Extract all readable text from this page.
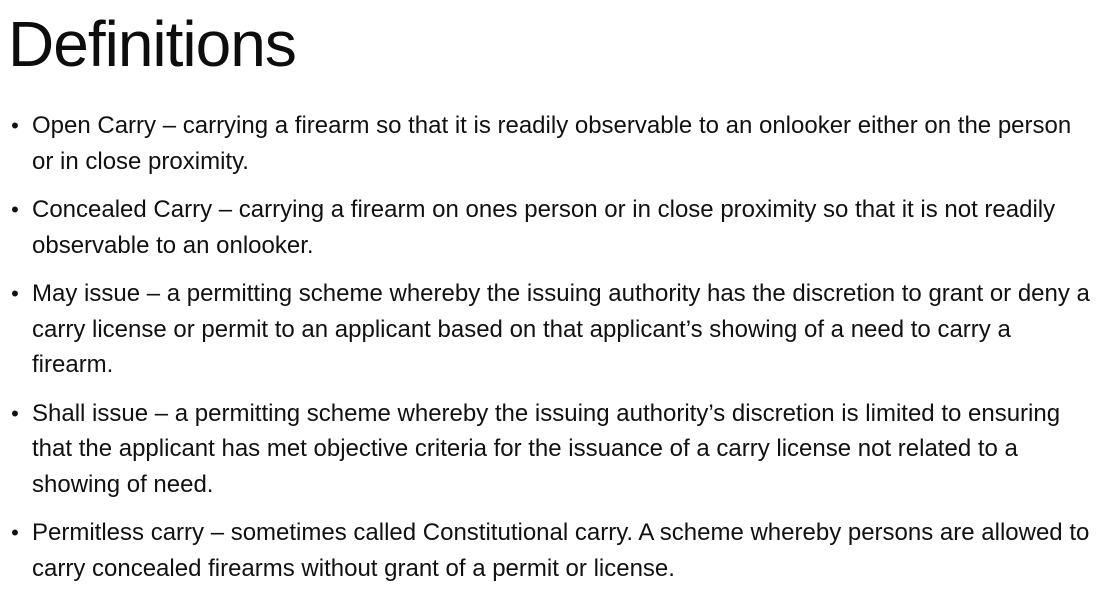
Definitions
• Open Carry – carrying a firearm so that it is readily observable to an onlooker either on the person or in close proximity.
• Concealed Carry – carrying a firearm on ones person or in close proximity so that it is not readily observable to an onlooker.
• May issue – a permitting scheme whereby the issuing authority has the discretion to grant or deny a carry license or permit to an applicant based on that applicant’s showing of a need to carry a firearm.
• Shall issue – a permitting scheme whereby the issuing authority’s discretion is limited to ensuring that the applicant has met objective criteria for the issuance of a carry license not related to a showing of need.
• Permitless carry – sometimes called Constitutional carry. A scheme whereby persons are allowed to carry concealed firearms without grant of a permit or license.
